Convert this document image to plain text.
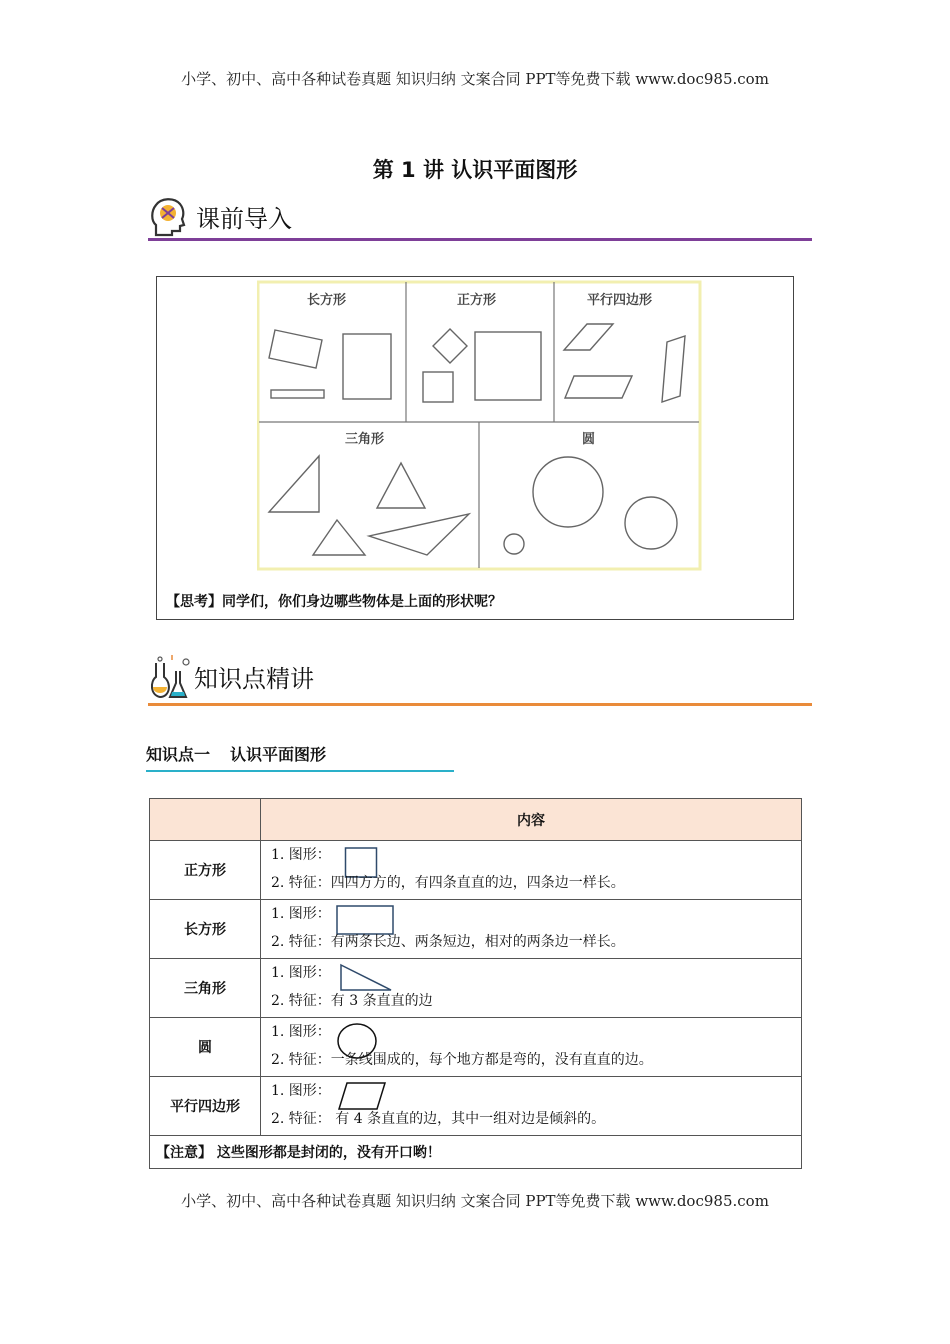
小学、初中、高中各种试卷真题 知识归纳 文案合同 PPT等免费下载 www.doc985.com
第 1 讲 认识平面图形
课前导入
长方形	正方形	平行四边形
三角形	圆
【思考】同学们，你们身边哪些物体是上面的形状呢？
知识点精讲
知识点一 认识平面图形
	内容
正方形	1. 图形：
2. 特征：四四方方的，有四条直直的边，四条边一样长。

长方形	1. 图形：
2. 特征：有两条长边、两条短边，相对的两条边一样长。

三角形	1. 图形：
2. 特征：有 3 条直直的边

圆	1. 图形：
2. 特征：一条线围成的，每个地方都是弯的，没有直直的边。

平行四边形	1. 图形：
2. 特征： 有 4 条直直的边，其中一组对边是倾斜的。

【注意】 这些图形都是封闭的，没有开口哟！	
小学、初中、高中各种试卷真题 知识归纳 文案合同 PPT等免费下载 www.doc985.com
